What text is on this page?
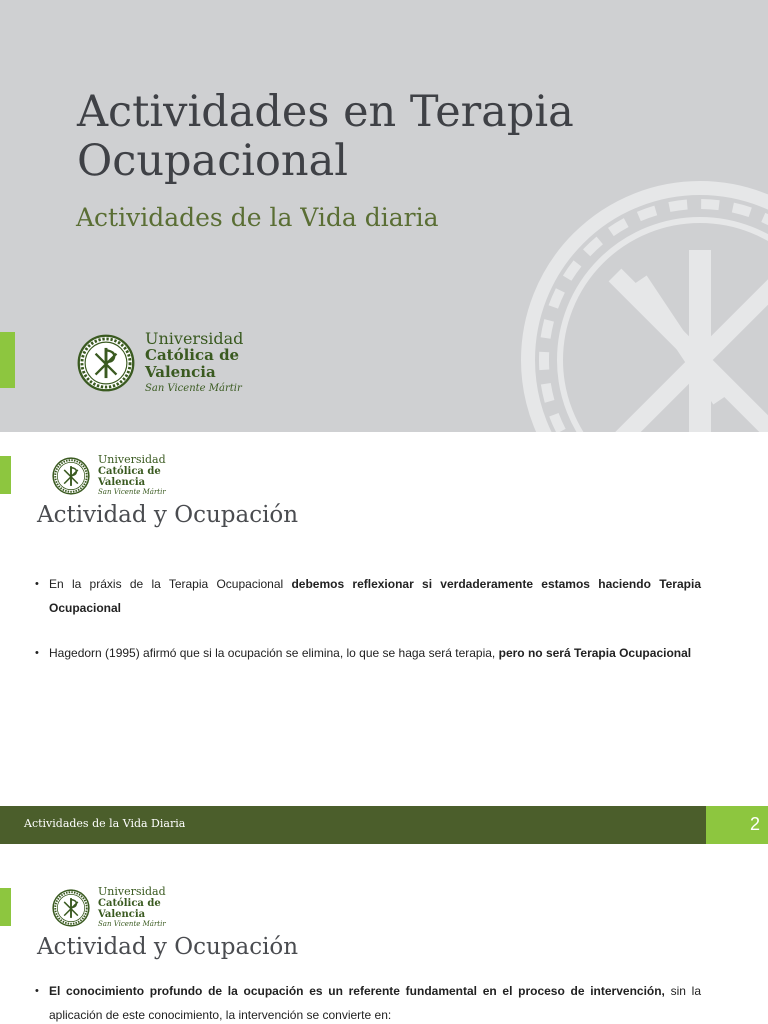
Actividades en Terapia Ocupacional
Actividades de la Vida diaria
Universidad
Católica de
Valencia
San Vicente Mártir
Universidad
Católica de
Valencia
San Vicente Mártir
Actividad y Ocupación
• En la práxis de la Terapia Ocupacional debemos reflexionar si verdaderamente estamos haciendo Terapia Ocupacional
• Hagedorn (1995) afirmó que si la ocupación se elimina, lo que se haga será terapia, pero no será Terapia Ocupacional
Actividades de la Vida Diaria	2
Universidad
Católica de
Valencia
San Vicente Mártir
Actividad y Ocupación
• El conocimiento profundo de la ocupación es un referente fundamental en el proceso de intervención, sin la aplicación de este conocimiento, la intervención se convierte en:
